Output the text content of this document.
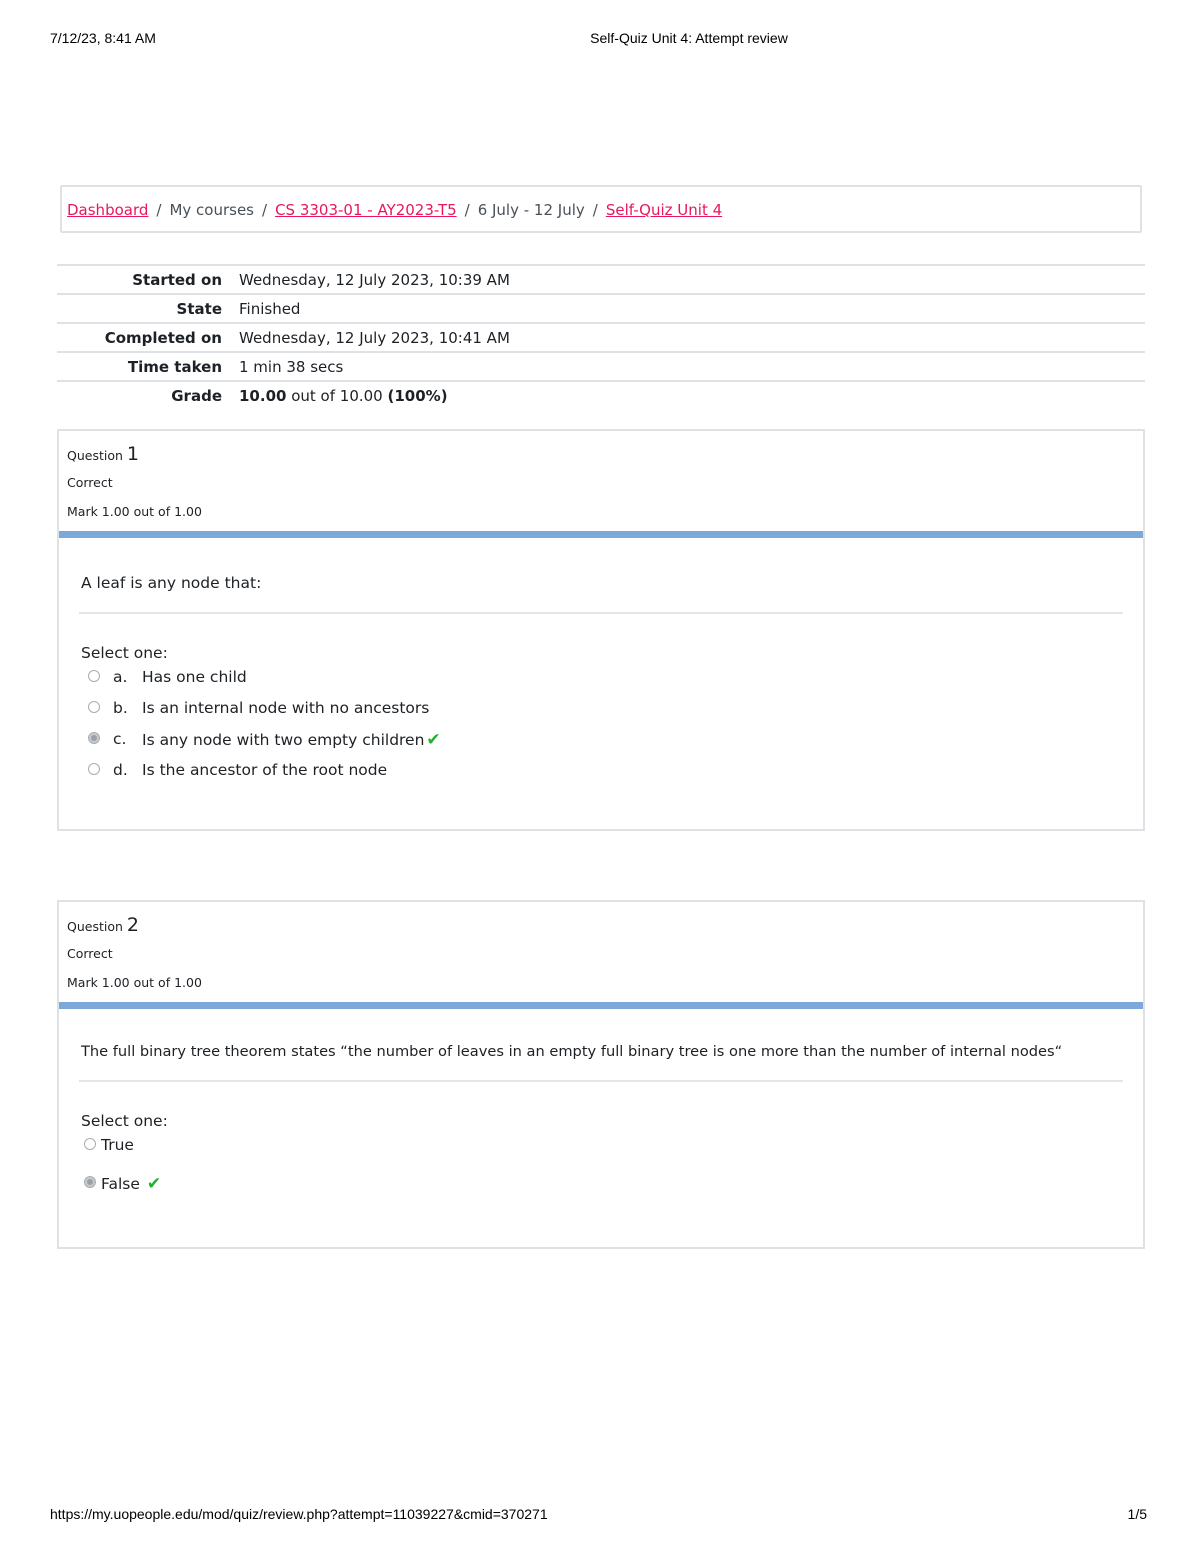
7/12/23, 8:41 AM	Self-Quiz Unit 4: Attempt review
Dashboard / My courses / CS 3303-01 - AY2023-T5 / 6 July - 12 July / Self-Quiz Unit 4
Started on	Wednesday, 12 July 2023, 10:39 AM
State	Finished
Completed on	Wednesday, 12 July 2023, 10:41 AM
Time taken	1 min 38 secs
Grade	10.00 out of 10.00 (100%)
Question 1
Correct
Mark 1.00 out of 1.00
A leaf is any node that:
Select one:
a. Has one child
b. Is an internal node with no ancestors
c. Is any node with two empty children ✔
d. Is the ancestor of the root node
Question 2
Correct
Mark 1.00 out of 1.00
The full binary tree theorem states “the number of leaves in an empty full binary tree is one more than the number of internal nodes“
Select one:
True
False ✔
https://my.uopeople.edu/mod/quiz/review.php?attempt=11039227&cmid=370271	1/5
